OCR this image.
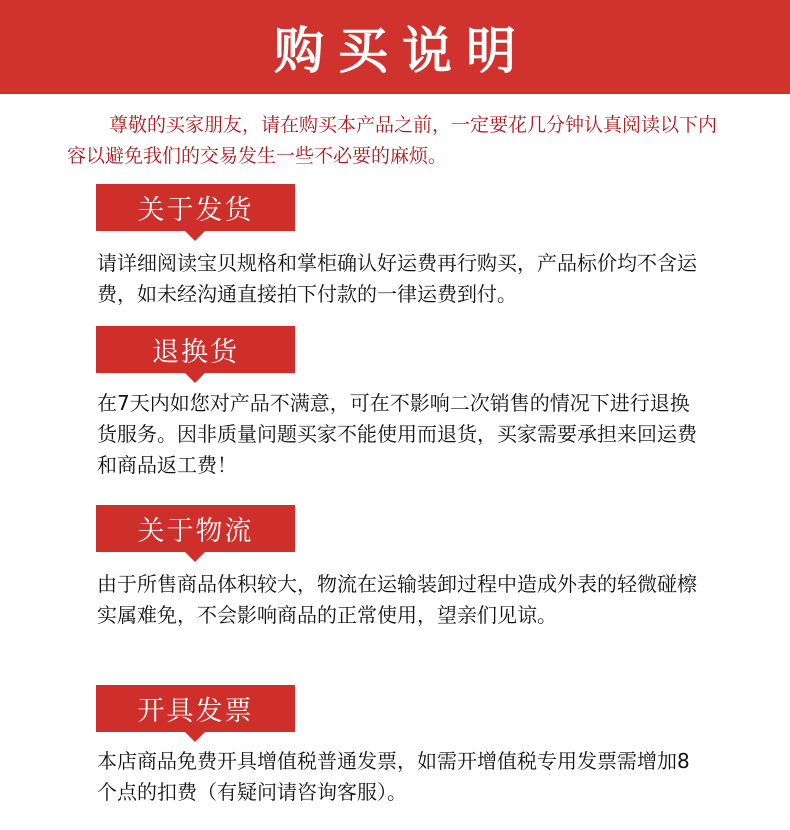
购买说明

尊敬的买家朋友，请在购买本产品之前，一定要花几分钟认真阅读以下内容以避免我们的交易发生一些不必要的麻烦。

关于发货

请详细阅读宝贝规格和掌柜确认好运费再行购买，产品标价均不含运费，如未经沟通直接拍下付款的一律运费到付。

退换货

在7天内如您对产品不满意，可在不影响二次销售的情况下进行退换货服务。因非质量问题买家不能使用而退货，买家需要承担来回运费和商品返工费！

关于物流

由于所售商品体积较大，物流在运输装卸过程中造成外表的轻微碰檫实属难免，不会影响商品的正常使用，望亲们见谅。

开具发票

本店商品免费开具增值税普通发票，如需开增值税专用发票需增加8个点的扣费（有疑问请咨询客服）。
